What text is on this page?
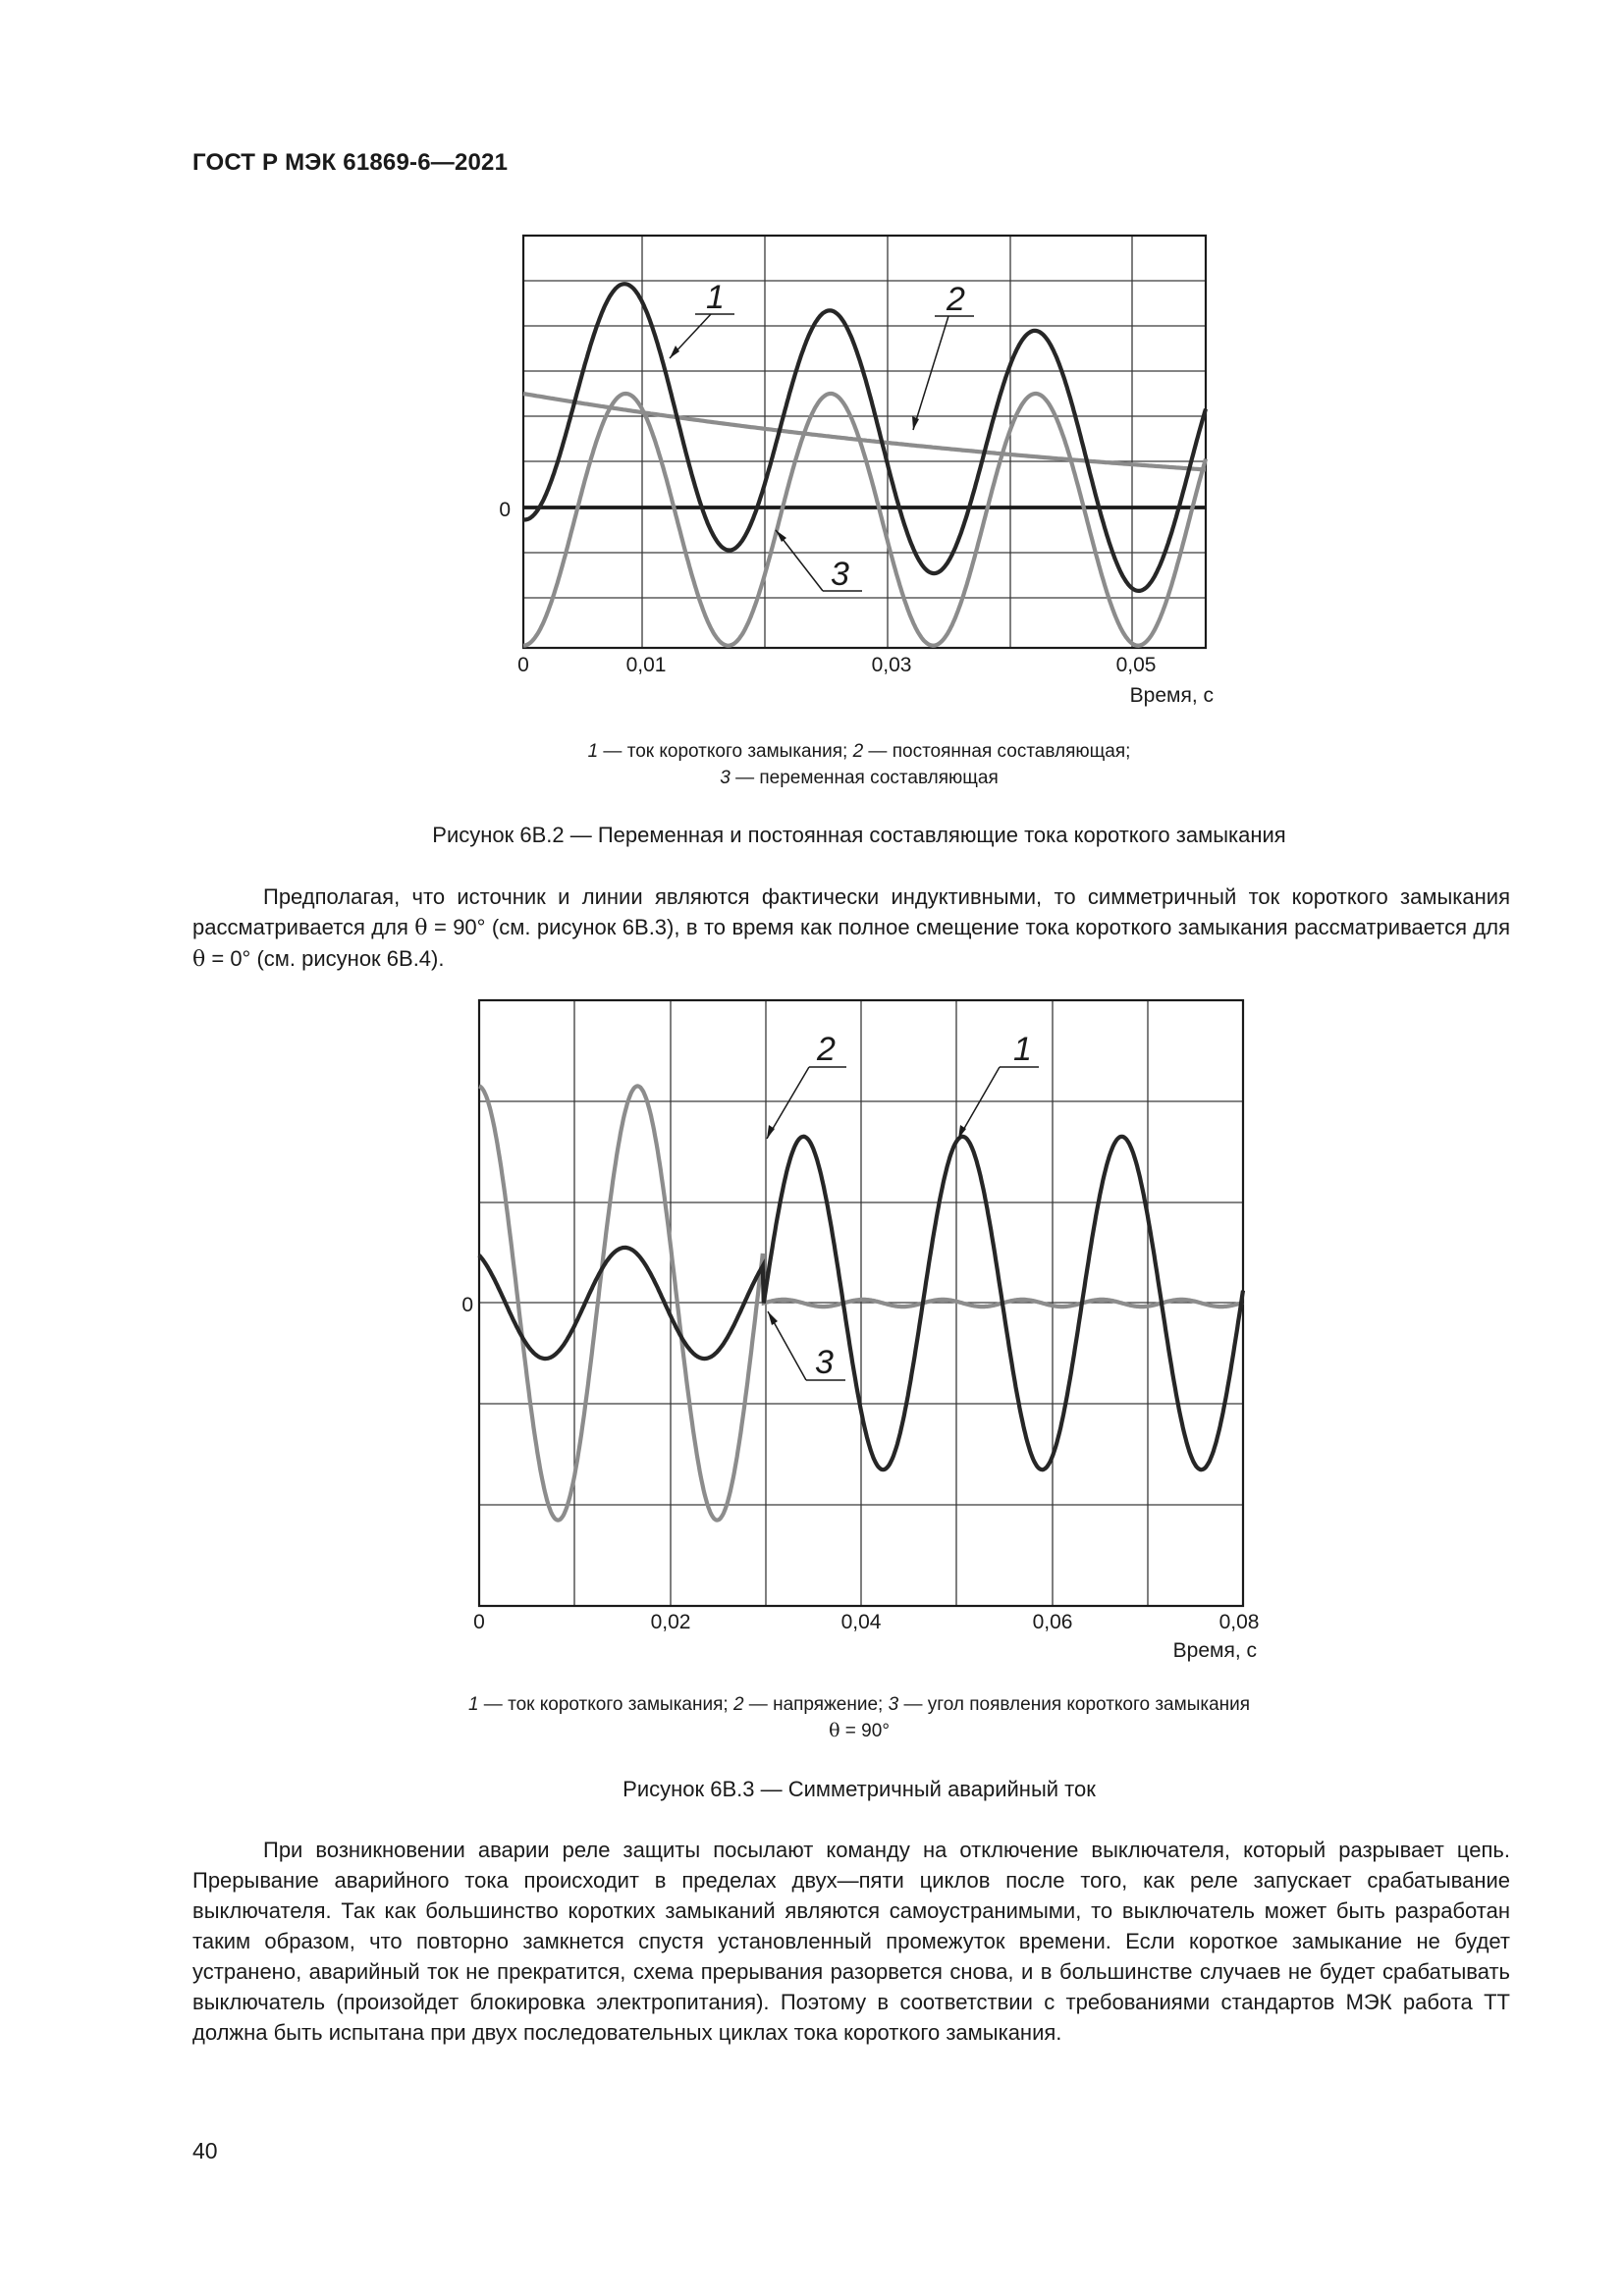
ГОСТ Р МЭК 61869-6—2021
1	2
3
0
0	0,01	0,03	0,05
Время, с
1 — ток короткого замыкания; 2 — постоянная составляющая;
3 — переменная составляющая
Рисунок 6В.2 — Переменная и постоянная составляющие тока короткого замыкания
Предполагая, что источник и линии являются фактически индуктивными, то симметричный ток короткого замыкания рассматривается для θ = 90° (см. рисунок 6В.3), в то время как полное смещение тока короткого замыкания рассматривается для θ = 0° (см. рисунок 6В.4).
2	1
3
0
0	0,02	0,04	0,06	0,08
Время, с
1 — ток короткого замыкания; 2 — напряжение; 3 — угол появления короткого замыкания
θ = 90°
Рисунок 6В.3 — Симметричный аварийный ток
При возникновении аварии реле защиты посылают команду на отключение выключателя, который разрывает цепь. Прерывание аварийного тока происходит в пределах двух—пяти циклов после того, как реле запускает срабатывание выключателя. Так как большинство коротких замыканий являются самоустранимыми, то выключатель может быть разработан таким образом, что повторно замкнется спустя установленный промежуток времени. Если короткое замыкание не будет устранено, аварийный ток не прекратится, схема прерывания разорвется снова, и в большинстве случаев не будет срабатывать выключатель (произойдет блокировка электропитания). Поэтому в соответствии с требованиями стандартов МЭК работа ТТ должна быть испытана при двух последовательных циклах тока короткого замыкания.
40
